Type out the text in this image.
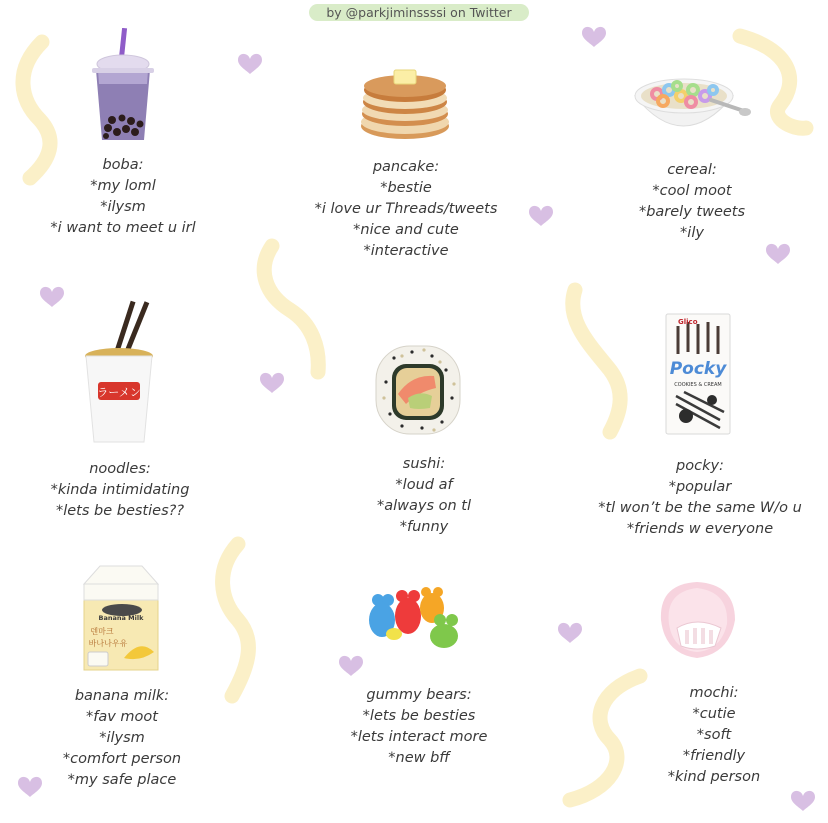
by @parkjiminssssi on Twitter
ラーメン
Glico
Pocky
COOKIES & CREAM
Banana Milk
덴마크
바나나우유
boba:
*my loml
*ilysm
*i want to meet u irl
pancake:
*bestie
*i love ur Threads/tweets
*nice and cute
*interactive
cereal:
*cool moot
*barely tweets
*ily
noodles:
*kinda intimidating
*lets be besties??
sushi:
*loud af
*always on tl
*funny
pocky:
*popular
*tl won’t be the same W/o u
*friends w everyone
banana milk:
*fav moot
*ilysm
*comfort person
*my safe place
gummy bears:
*lets be besties
*lets interact more
*new bff
mochi:
*cutie
*soft
*friendly
*kind person
